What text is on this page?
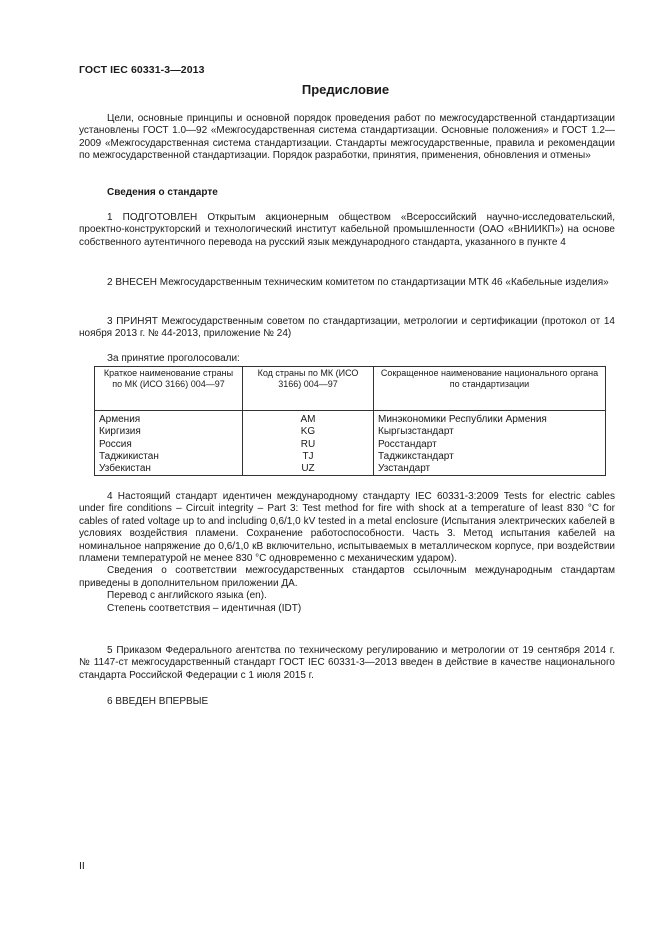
ГОСТ IEC 60331-3—2013
Предисловие

Цели, основные принципы и основной порядок проведения работ по межгосударственной стандартизации установлены ГОСТ 1.0—92 «Межгосударственная система стандартизации. Основные положения» и ГОСТ 1.2—2009 «Межгосударственная система стандартизации. Стандарты межгосударственные, правила и рекомендации по межгосударственной стандартизации. Порядок разработки, принятия, применения, обновления и отмены»

Сведения о стандарте

1 ПОДГОТОВЛЕН Открытым акционерным обществом «Всероссийский научно-исследовательский, проектно-конструкторский и технологический институт кабельной промышленности (ОАО «ВНИИКП») на основе собственного аутентичного перевода на русский язык международного стандарта, указанного в пункте 4

2 ВНЕСЕН Межгосударственным техническим комитетом по стандартизации МТК 46 «Кабельные изделия»

3 ПРИНЯТ Межгосударственным советом по стандартизации, метрологии и сертификации (протокол от 14 ноября 2013 г. № 44-2013, приложение № 24)

За принятие проголосовали:

Краткое наименование страны по МК (ИСО 3166) 004—97	Код страны по МК (ИСО 3166) 004—97	Сокращенное наименование национального органа по стандартизации
Армения	AM	Минэкономики Республики Армения
Киргизия	KG	Кыргызстандарт
Россия	RU	Росстандарт
Таджикистан	TJ	Таджикстандарт
Узбекистан	UZ	Узстандарт

4 Настоящий стандарт идентичен международному стандарту IEC 60331-3:2009 Tests for electric cables under fire conditions – Circuit integrity – Part 3: Test method for fire with shock at a temperature of least 830 °C for cables of rated voltage up to and including 0,6/1,0 kV tested in a metal enclosure (Испытания электрических кабелей в условиях воздействия пламени. Сохранение работоспособности. Часть 3. Метод испытания кабелей на номинальное напряжение до 0,6/1,0 кВ включительно, испытываемых в металлическом корпусе, при воздействии пламени температурой не менее 830 °C одновременно с механическим ударом).

Сведения о соответствии межгосударственных стандартов ссылочным международным стандартам приведены в дополнительном приложении ДА.

Перевод с английского языка (en).

Степень соответствия – идентичная (IDT)

5 Приказом Федерального агентства по техническому регулированию и метрологии от 19 сентября 2014 г. № 1147-ст межгосударственный стандарт ГОСТ IEC 60331-3—2013 введен в действие в качестве национального стандарта Российской Федерации с 1 июля 2015 г.

6 ВВЕДЕН ВПЕРВЫЕ

II
